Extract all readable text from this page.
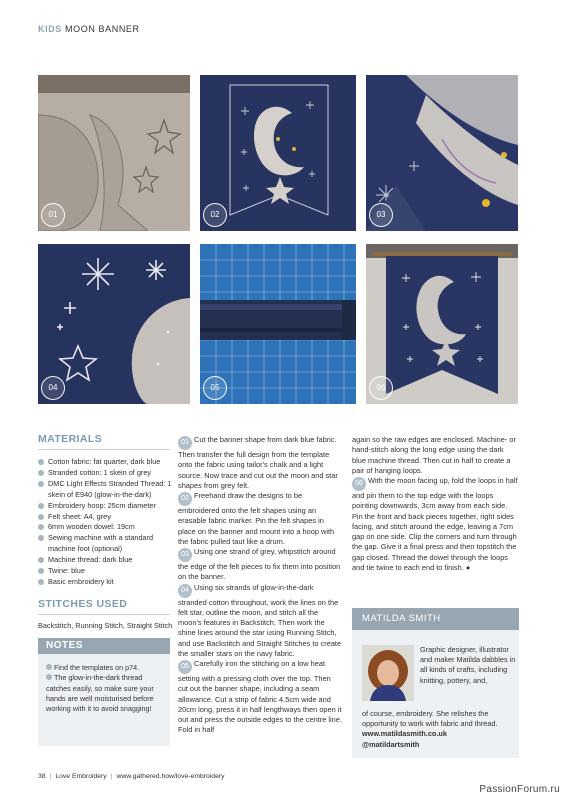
KIDS MOON BANNER
01	02	03
04	05	06
MATERIALS
Cotton fabric: fat quarter, dark blue
Stranded cotton: 1 skein of grey
DMC Light Effects Stranded Thread: 1 skein of E940 (glow-in-the-dark)
Embroidery hoop: 25cm diameter
Felt sheet: A4, grey
6mm wooden dowel: 19cm
Sewing machine with a standard machine foot (optional)
Machine thread: dark blue
Twine: blue
Basic embroidery kit
STITCHES USED
Backstitch, Running Stitch, Straight Stitch
NOTES
Find the templates on p74.
The glow-in-the-dark thread catches easily, so make sure your hands are well moisturised before working with it to avoid snagging!

01 Cut the banner shape from dark blue fabric. Then transfer the full design from the template onto the fabric using tailor's chalk and a light source. Now trace and cut out the moon and star shapes from grey felt.

02 Freehand draw the designs to be embroidered onto the felt shapes using an erasable fabric marker. Pin the felt shapes in place on the banner and mount into a hoop with the fabric pulled taut like a drum.

03 Using one strand of grey, whipstitch around the edge of the felt pieces to fix them into position on the banner.

04 Using six strands of glow-in-the-dark stranded cotton throughout, work the lines on the felt star, outline the moon, and stitch all the moon's features in Backstitch. Then work the shine lines around the star using Running Stitch, and use Backstitch and Straight Stitches to create the smaller stars on the navy fabric.

05 Carefully iron the stitching on a low heat setting with a pressing cloth over the top. Then cut out the banner shape, including a seam allowance. Cut a strip of fabric 4.5cm wide and 20cm long, press it in half lengthways then open it out and press the outside edges to the centre line. Fold in half

again so the raw edges are enclosed. Machine- or hand-stitch along the long edge using the dark blue machine thread. Then cut in half to create a pair of hanging loops.

06 With the moon facing up, fold the loops in half and pin them to the top edge with the loops pointing downwards, 3cm away from each side. Pin the front and back pieces together, right sides facing, and stitch around the edge, leaving a 7cm gap on one side. Clip the corners and turn through the gap. Give it a final press and then topstitch the gap closed. Thread the dowel through the loops and tie twine to each end to finish. ●

MATILDA SMITH
Graphic designer, illustrator and maker Matilda dabbles in all kinds of crafts, including knitting, pottery, and,
of course, embroidery. She relishes the opportunity to work with fabric and thread.
www.matildasmith.co.uk
@matildartsmith
38 | Love Embroidery | www.gathered.how/love-embroidery
PassionForum.ru
